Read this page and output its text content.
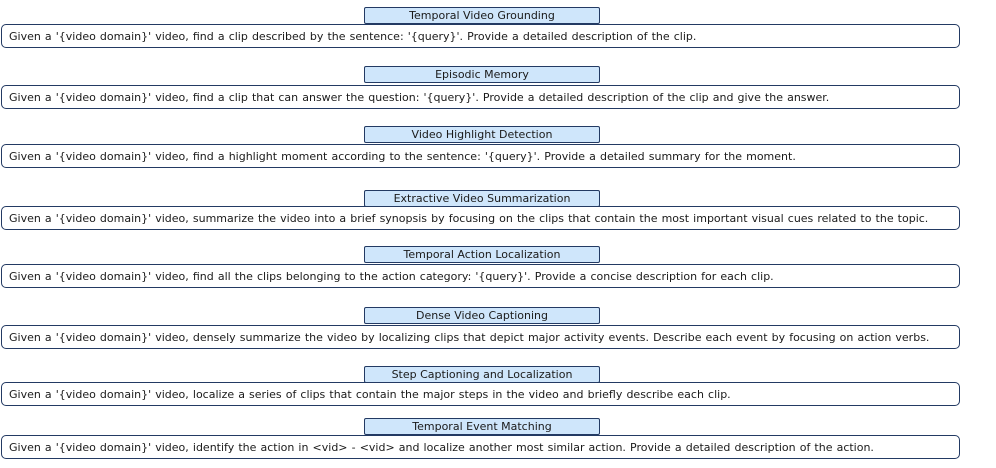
Temporal Video Grounding
Given a '{video domain}' video, find a clip described by the sentence: '{query}'. Provide a detailed description of the clip.
Episodic Memory
Given a '{video domain}' video, find a clip that can answer the question: '{query}'. Provide a detailed description of the clip and give the answer.
Video Highlight Detection
Given a '{video domain}' video, find a highlight moment according to the sentence: '{query}'. Provide a detailed summary for the moment.
Extractive Video Summarization
Given a '{video domain}' video, summarize the video into a brief synopsis by focusing on the clips that contain the most important visual cues related to the topic.
Temporal Action Localization
Given a '{video domain}' video, find all the clips belonging to the action category: '{query}'. Provide a concise description for each clip.
Dense Video Captioning
Given a '{video domain}' video, densely summarize the video by localizing clips that depict major activity events. Describe each event by focusing on action verbs.
Step Captioning and Localization
Given a '{video domain}' video, localize a series of clips that contain the major steps in the video and briefly describe each clip.
Temporal Event Matching
Given a '{video domain}' video, identify the action in <vid> - <vid> and localize another most similar action. Provide a detailed description of the action.
